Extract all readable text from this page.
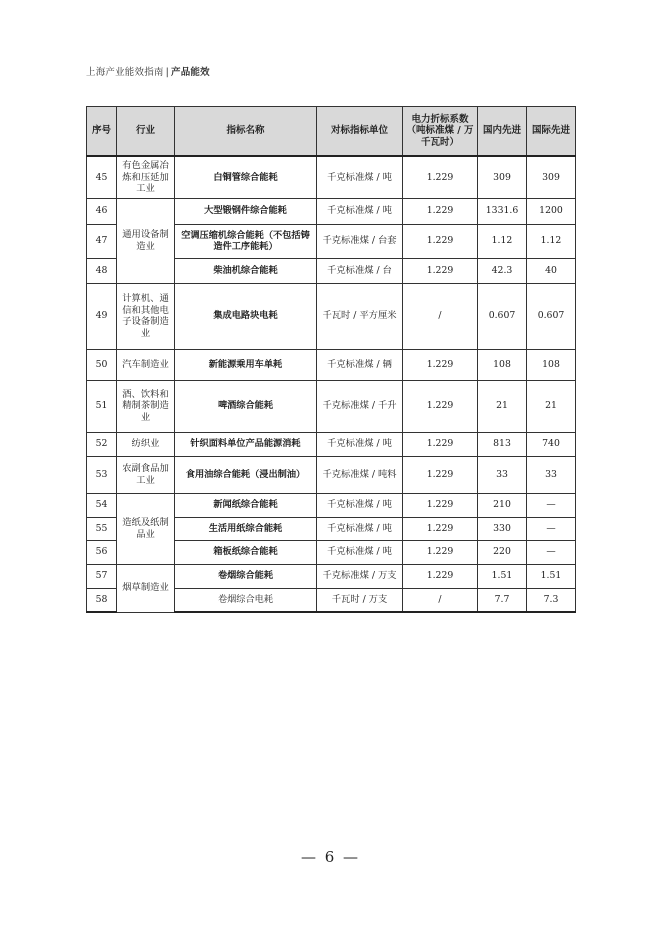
上海产业能效指南 | 产品能效
序号	行业	指标名称	对标指标单位	电力折标系数（吨标准煤 / 万千瓦时）	国内先进	国际先进
45	有色金属冶炼和压延加工业	白铜管综合能耗	千克标准煤 / 吨	1.229	309	309
46	通用设备制造业	大型锻钢件综合能耗	千克标准煤 / 吨	1.229	1331.6	1200
47		空调压缩机综合能耗（不包括铸造件工序能耗）	千克标准煤 / 台套	1.229	1.12	1.12
48		柴油机综合能耗	千克标准煤 / 台	1.229	42.3	40
49	计算机、通信和其他电子设备制造业	集成电路块电耗	千瓦时 / 平方厘米	/	0.607	0.607
50	汽车制造业	新能源乘用车单耗	千克标准煤 / 辆	1.229	108	108
51	酒、饮料和精制茶制造业	啤酒综合能耗	千克标准煤 / 千升	1.229	21	21
52	纺织业	针织面料单位产品能源消耗	千克标准煤 / 吨	1.229	813	740
53	农副食品加工业	食用油综合能耗（浸出制油）	千克标准煤 / 吨料	1.229	33	33
54	造纸及纸制品业	新闻纸综合能耗	千克标准煤 / 吨	1.229	210	—
55		生活用纸综合能耗	千克标准煤 / 吨	1.229	330	—
56		箱板纸综合能耗	千克标准煤 / 吨	1.229	220	—
57	烟草制造业	卷烟综合能耗	千克标准煤 / 万支	1.229	1.51	1.51
58		卷烟综合电耗	千瓦时 / 万支	/	7.7	7.3
— 6 —
